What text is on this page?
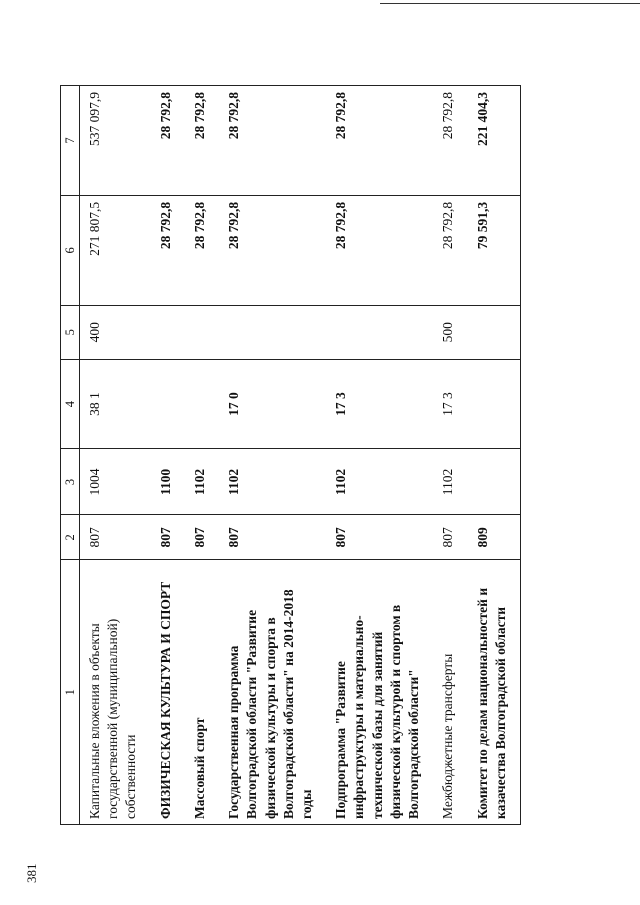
381
1	2	3	4	5	6	7
Капитальные вложения в объекты государственной (муниципальной) собственности	807	1004	38 1	400	271 807,5	537 097,9
ФИЗИЧЕСКАЯ КУЛЬТУРА И СПОРТ	807	1100			28 792,8	28 792,8
Массовый спорт	807	1102			28 792,8	28 792,8
Государственная программа Волгоградской области "Развитие физической культуры и спорта в Волгоградской области" на 2014-2018 годы	807	1102	17 0		28 792,8	28 792,8
Подпрограмма "Развитие инфраструктуры и материально-технической базы для занятий физической культурой и спортом в Волгоградской области"	807	1102	17 3		28 792,8	28 792,8
Межбюджетные трансферты	807	1102	17 3	500	28 792,8	28 792,8
Комитет по делам национальностей и казачества Волгоградской области	809				79 591,3	221 404,3
